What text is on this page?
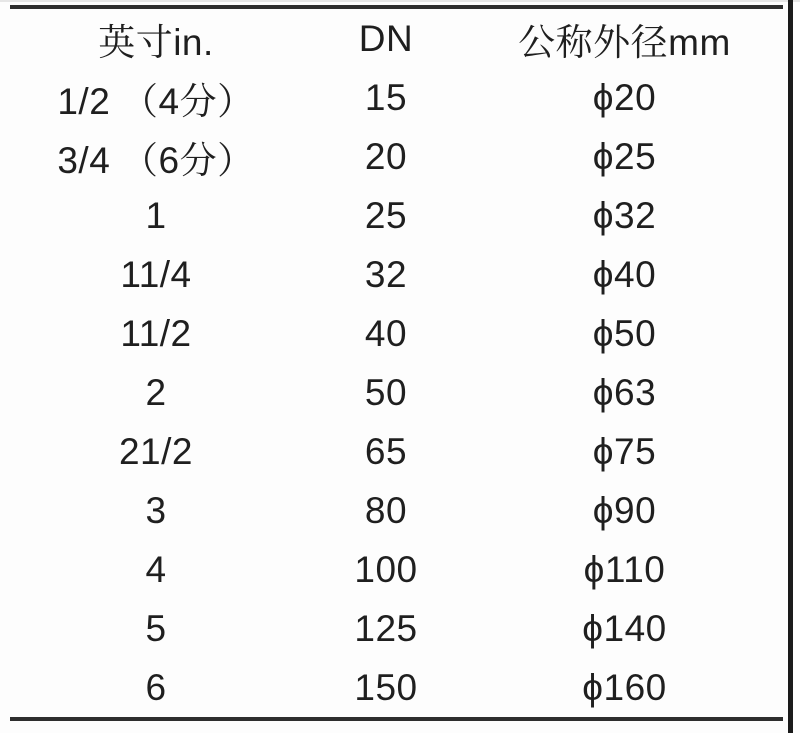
英寸in.	DN	公称外径mm
1/2 （4分）	15	ϕ20
3/4 （6分）	20	ϕ25
1	25	ϕ32
11/4	32	ϕ40
11/2	40	ϕ50
2	50	ϕ63
21/2	65	ϕ75
3	80	ϕ90
4	100	ϕ110
5	125	ϕ140
6	150	ϕ160
